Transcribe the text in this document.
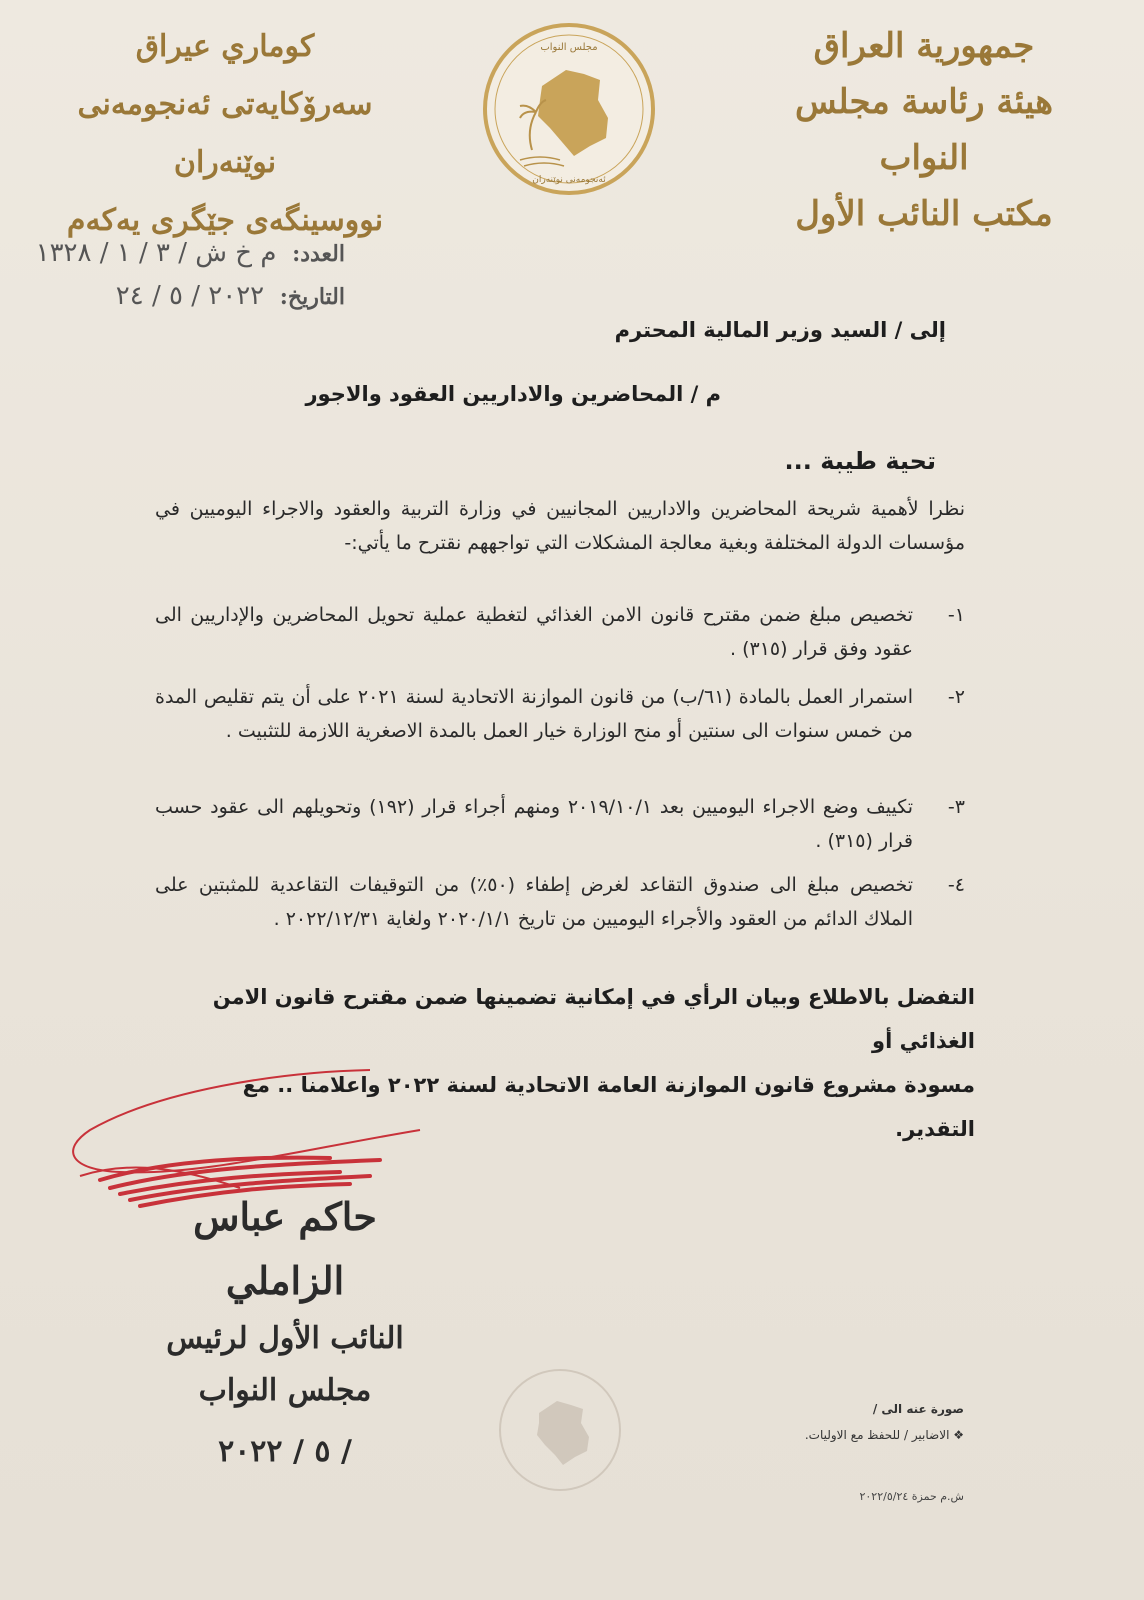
جمهورية العراق
هيئة رئاسة مجلس النواب
مكتب النائب الأول
كوماري عيراق
سەرۆكايەتی ئەنجومەنی نوێنەران
نووسینگەی جێگری یەكەم
مجلس النواب
ئەنجومەنی نوێنەران
العدد: م خ ش / ٣ / ١ / ١٣٢٨
التاريخ: ٢٠٢٢ / ٥ / ٢٤
إلى / السيد وزير المالية المحترم
م / المحاضرين والاداريين العقود والاجور
تحية طيبة ...
نظرا لأهمية شريحة المحاضرين والاداريين المجانيين في وزارة التربية والعقود والاجراء اليوميين في مؤسسات الدولة المختلفة وبغية معالجة المشكلات التي تواجههم نقترح ما يأتي:-
١-
تخصيص مبلغ ضمن مقترح قانون الامن الغذائي لتغطية عملية تحويل المحاضرين والإداريين الى عقود وفق قرار (٣١٥) .
٢-
استمرار العمل بالمادة (٦١/ب) من قانون الموازنة الاتحادية لسنة ٢٠٢١ على أن يتم تقليص المدة من خمس سنوات الى سنتين أو منح الوزارة خيار العمل بالمدة الاصغرية اللازمة للتثبيت .
٣-
تكييف وضع الاجراء اليوميين بعد ٢٠١٩/١٠/١ ومنهم أجراء قرار (١٩٢) وتحويلهم الى عقود حسب قرار (٣١٥) .
٤-
تخصيص مبلغ الى صندوق التقاعد لغرض إطفاء (٥٠٪) من التوقيفات التقاعدية للمثبتين على الملاك الدائم من العقود والأجراء اليوميين من تاريخ ٢٠٢٠/١/١ ولغاية ٢٠٢٢/١٢/٣١ .
التفضل بالاطلاع وبيان الرأي في إمكانية تضمينها ضمن مقترح قانون الامن الغذائي أو
مسودة مشروع قانون الموازنة العامة الاتحادية لسنة ٢٠٢٢ واعلامنا .. مع التقدير.
حاكم عباس الزاملي
النائب الأول لرئيس مجلس النواب
/ ٥ / ٢٠٢٢
صورة عنه الى /
❖ الاضابير / للحفظ مع الاوليات.
ش.م حمزة ٢٠٢٢/٥/٢٤
